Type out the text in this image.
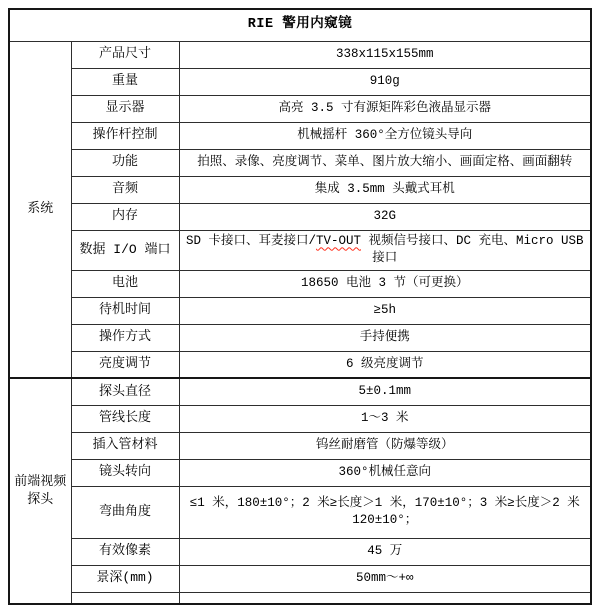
RIE 警用内窥镜		
系统	产品尺寸	338x115x155mm
	重量	910g
	显示器	高亮 3.5 寸有源矩阵彩色液晶显示器
	操作杆控制	机械摇杆 360°全方位镜头导向
	功能	拍照、录像、亮度调节、菜单、图片放大缩小、画面定格、画面翻转
	音频	集成 3.5mm 头戴式耳机
	内存	32G
	数据 I/O 端口	SD 卡接口、耳麦接口/TV-OUT 视频信号接口、DC 充电、Micro USB 接口
	电池	18650 电池 3 节（可更换）
	待机时间	≥5h
	操作方式	手持便携
	亮度调节	6 级亮度调节
前端视频探头	探头直径	5±0.1mm
	管线长度	1～3 米
	插入管材料	钨丝耐磨管（防爆等级）
	镜头转向	360°机械任意向
	弯曲角度	≤1 米，180±10°；2 米≥长度＞1 米，170±10°；3 米≥长度＞2 米 120±10°；
	有效像素	45 万
	景深(mm)	50mm～+∞
